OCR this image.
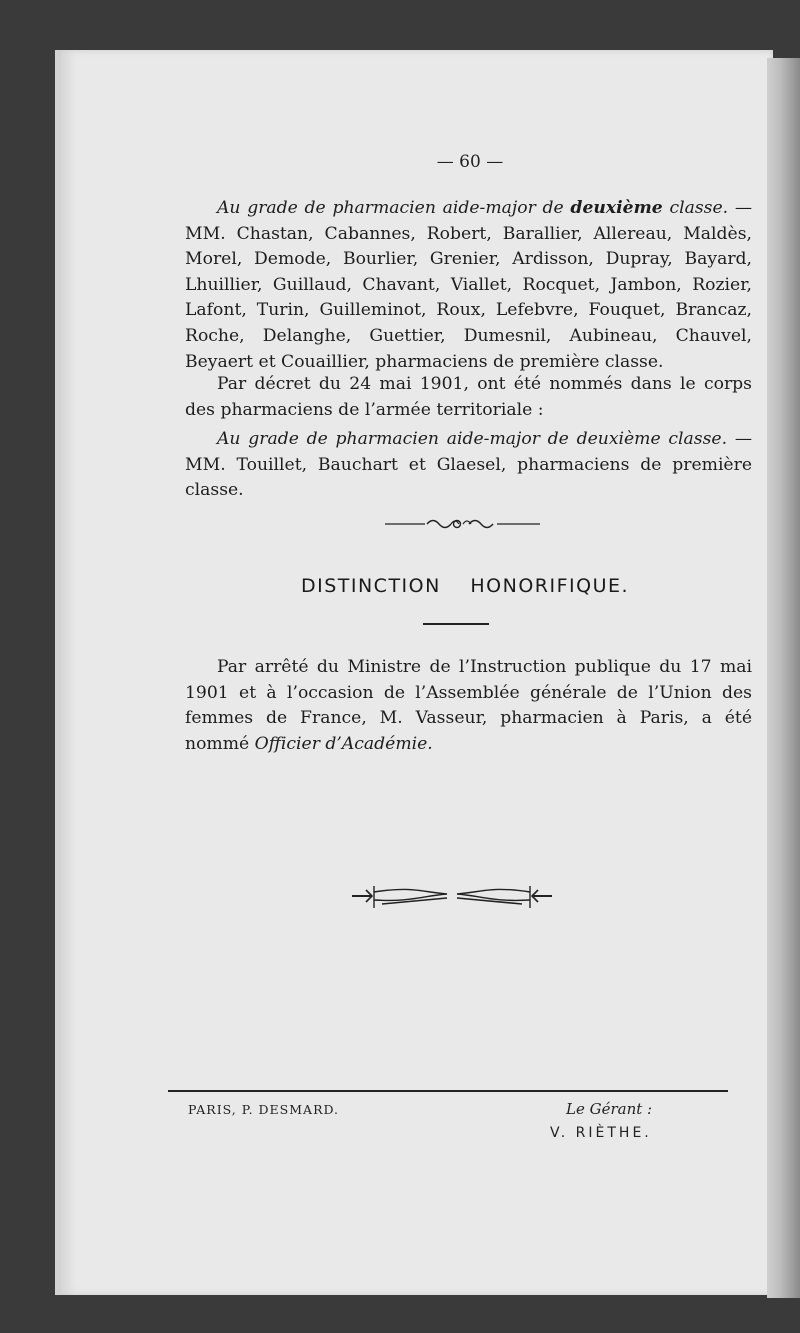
— 60 —

Au grade de pharmacien aide-major de deuxième classe. — MM. Chastan, Cabannes, Robert, Barallier, Allereau, Maldès, Morel, Demode, Bourlier, Grenier, Ardisson, Dupray, Bayard, Lhuillier, Guillaud, Chavant, Viallet, Rocquet, Jambon, Rozier, Lafont, Turin, Guilleminot, Roux, Lefebvre, Fouquet, Brancaz, Roche, Delanghe, Guettier, Dumesnil, Aubineau, Chauvel, Beyaert et Couaillier, pharmaciens de première classe.

Par décret du 24 mai 1901, ont été nommés dans le corps des pharmaciens de l’armée territoriale :

Au grade de pharmacien aide-major de deuxième classe. — MM. Touillet, Bauchart et Glaesel, pharmaciens de première classe.

DISTINCTION HONORIFIQUE.

Par arrêté du Ministre de l’Instruction publique du 17 mai 1901 et à l’occasion de l’Assemblée générale de l’Union des femmes de France, M. Vasseur, pharmacien à Paris, a été nommé Officier d’Académie.

PARIS, P. DESMARD.	Le Gérant :
V. RIÈTHE.
